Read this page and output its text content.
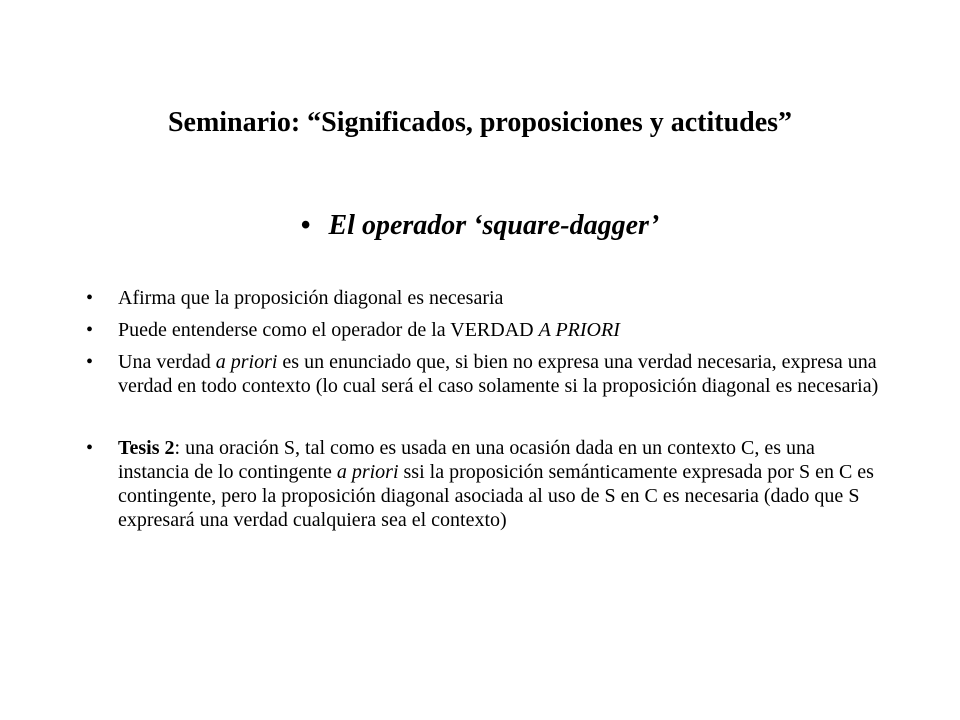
Seminario: “Significados, proposiciones y actitudes”
• El operador ‘square-dagger’
• Afirma que la proposición diagonal es necesaria
• Puede entenderse como el operador de la VERDAD A PRIORI
• Una verdad a priori es un enunciado que, si bien no expresa una verdad necesaria, expresa una verdad en todo contexto (lo cual será el caso solamente si la proposición diagonal es necesaria)
• Tesis 2: una oración S, tal como es usada en una ocasión dada en un contexto C, es una instancia de lo contingente a priori ssi la proposición semánticamente expresada por S en C es contingente, pero la proposición diagonal asociada al uso de S en C es necesaria (dado que S expresará una verdad cualquiera sea el contexto)
